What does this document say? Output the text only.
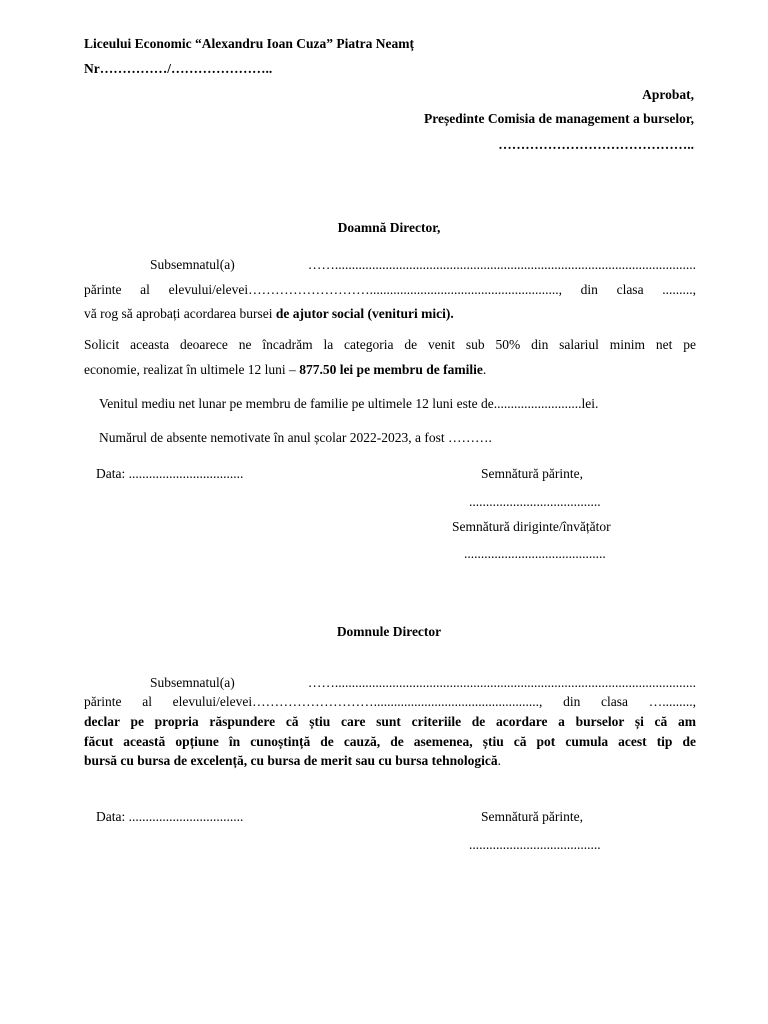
Liceului Economic “Alexandru Ioan Cuza” Piatra Neamț
Nr……………/…………………..
Aprobat,
Președinte Comisia de management a burselor,
……………………………………..
Doamnă Director,
Subsemnatul(a) ……...........................................................................................................
părinte al elevului/elevei………………………........................................................, din clasa .........,
vă rog să aprobați acordarea bursei de ajutor social (venituri mici).
Solicit aceasta deoarece ne încadrăm la categoria de venit sub 50% din salariul minim net pe
economie, realizat în ultimele 12 luni – 877.50 lei pe membru de familie.
Venitul mediu net lunar pe membru de familie pe ultimele 12 luni este de..........................lei.
Numărul de absente nemotivate în anul școlar 2022-2023, a fost ……….
Data: ..................................	Semnătură părinte,
.......................................
Semnătură diriginte/învățător
..........................................
Domnule Director
Subsemnatul(a) ……...........................................................................................................
părinte al elevului/elevei………………………................................................., din clasa ….........,
declar pe propria răspundere că știu care sunt criteriile de acordare a burselor și că am
făcut această opțiune în cunoștință de cauză, de asemenea, știu că pot cumula acest tip de
bursă cu bursa de excelență, cu bursa de merit sau cu bursa tehnologică.
Data: ..................................	Semnătură părinte,
.......................................
